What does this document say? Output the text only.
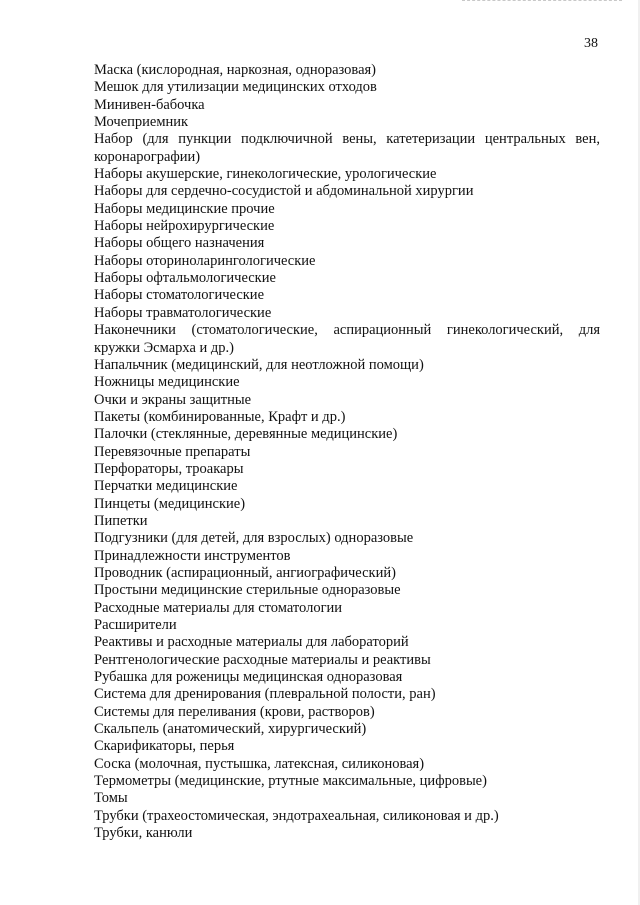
38
Маска (кислородная, наркозная, одноразовая)
Мешок для утилизации медицинских отходов
Минивен-бабочка
Мочеприемник
Набор (для пункции подключичной вены, катетеризации центральных вен, коронарографии)
Наборы акушерские, гинекологические, урологические
Наборы для сердечно-сосудистой и абдоминальной хирургии
Наборы медицинские прочие
Наборы нейрохирургические
Наборы общего назначения
Наборы оториноларингологические
Наборы офтальмологические
Наборы стоматологические
Наборы травматологические
Наконечники (стоматологические, аспирационный гинекологический, для кружки Эсмарха и др.)
Напальчник (медицинский, для неотложной помощи)
Ножницы медицинские
Очки и экраны защитные
Пакеты (комбинированные, Крафт и др.)
Палочки (стеклянные, деревянные медицинские)
Перевязочные препараты
Перфораторы, троакары
Перчатки медицинские
Пинцеты (медицинские)
Пипетки
Подгузники (для детей, для взрослых) одноразовые
Принадлежности инструментов
Проводник (аспирационный, ангиографический)
Простыни медицинские стерильные одноразовые
Расходные материалы для стоматологии
Расширители
Реактивы и расходные материалы для лабораторий
Рентгенологические расходные материалы и реактивы
Рубашка для роженицы медицинская одноразовая
Система для дренирования (плевральной полости, ран)
Системы для переливания (крови, растворов)
Скальпель (анатомический, хирургический)
Скарификаторы, перья
Соска (молочная, пустышка, латексная, силиконовая)
Термометры (медицинские, ртутные максимальные, цифровые)
Томы
Трубки (трахеостомическая, эндотрахеальная, силиконовая и др.)
Трубки, канюли
